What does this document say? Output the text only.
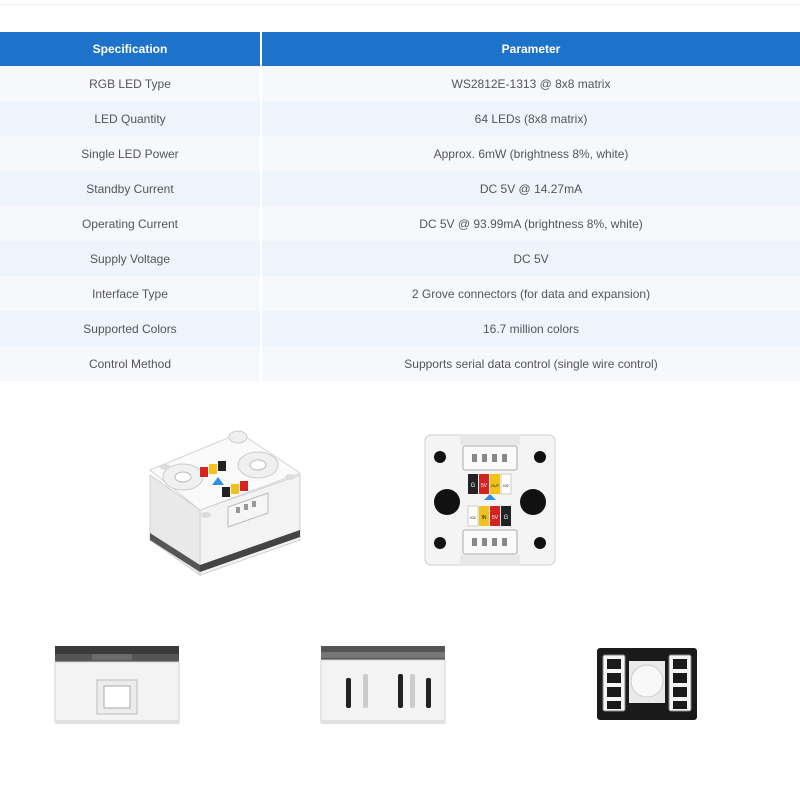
Specification	Parameter
RGB LED Type	WS2812E-1313 @ 8x8 matrix
LED Quantity	64 LEDs (8x8 matrix)
Single LED Power	Approx. 6mW (brightness 8%, white)
Standby Current	DC 5V @ 14.27mA
Operating Current	DC 5V @ 93.99mA (brightness 8%, white)
Supply Voltage	DC 5V
Interface Type	2 Grove connectors (for data and expansion)
Supported Colors	16.7 million colors
Control Method	Supports serial data control (single wire control)
G 5V OUT I02
I02 IN 5V G
